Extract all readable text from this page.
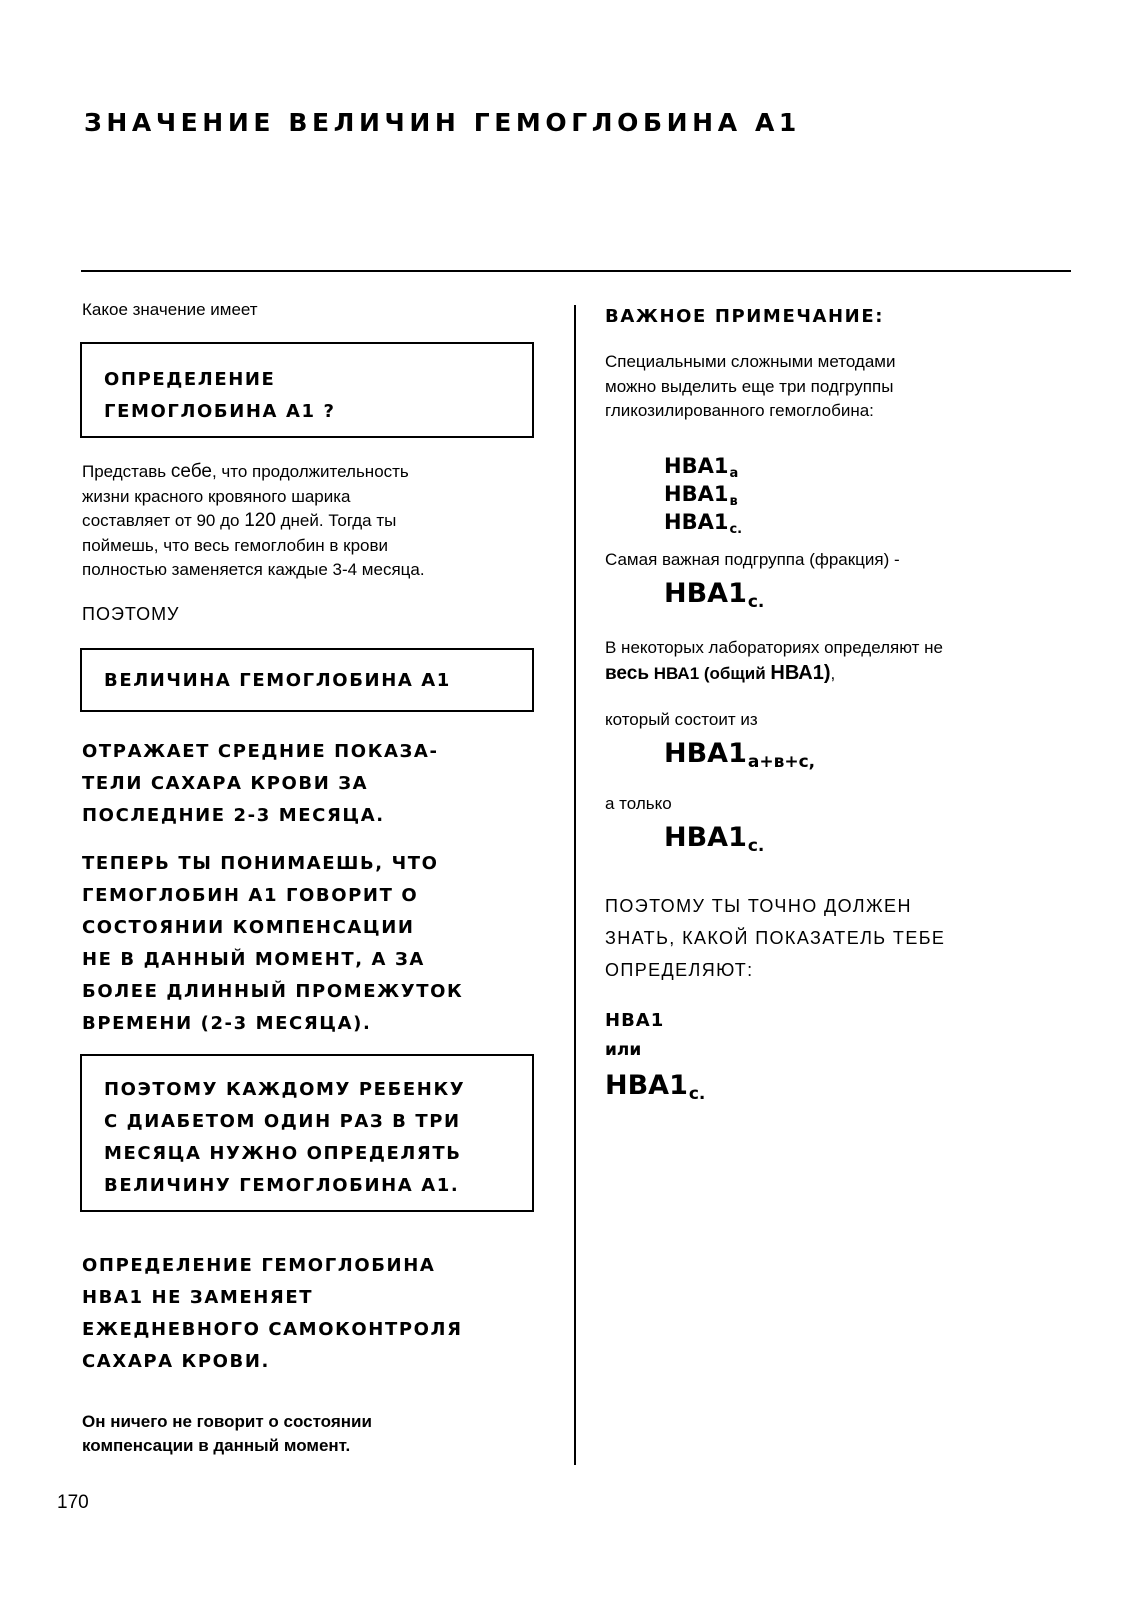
ЗНАЧЕНИЕ ВЕЛИЧИН ГЕМОГЛОБИНА А1
Какое значение имеет
ОПРЕДЕЛЕНИЕ
ГЕМОГЛОБИНА А1 ?
Представь себе, что продолжительность
жизни красного кровяного шарика
составляет от 90 до 120 дней. Тогда ты
поймешь, что весь гемоглобин в крови
полностью заменяется каждые 3-4 месяца.
ПОЭТОМУ
ВЕЛИЧИНА ГЕМОГЛОБИНА А1
ОТРАЖАЕТ СРЕДНИЕ ПОКАЗА-
ТЕЛИ САХАРА КРОВИ ЗА
ПОСЛЕДНИЕ 2-3 МЕСЯЦА.
ТЕПЕРЬ ТЫ ПОНИМАЕШЬ, ЧТО
ГЕМОГЛОБИН А1 ГОВОРИТ О
СОСТОЯНИИ КОМПЕНСАЦИИ
НЕ В ДАННЫЙ МОМЕНТ, А ЗА
БОЛЕЕ ДЛИННЫЙ ПРОМЕЖУТОК
ВРЕМЕНИ (2-3 МЕСЯЦА).
ПОЭТОМУ КАЖДОМУ РЕБЕНКУ
С ДИАБЕТОМ ОДИН РАЗ В ТРИ
МЕСЯЦА НУЖНО ОПРЕДЕЛЯТЬ
ВЕЛИЧИНУ ГЕМОГЛОБИНА А1.
ОПРЕДЕЛЕНИЕ ГЕМОГЛОБИНА
НВА1 НЕ ЗАМЕНЯЕТ
ЕЖЕДНЕВНОГО САМОКОНТРОЛЯ
САХАРА КРОВИ.
Он ничего не говорит о состоянии
компенсации в данный момент.
170
ВАЖНОЕ ПРИМЕЧАНИЕ:
Специальными сложными методами
можно выделить еще три подгруппы
гликозилированного гемоглобина:
$НВА1_а$
$НВА1_в$
$НВА1_{с.}$
Самая важная подгруппа (фракция) -
$НВА1_{с.}$
В некоторых лабораториях определяют не
весь НВА1 (общий НВА1),
который состоит из
$НВА1_{а+в+с,}$
а только
$НВА1_{с.}$
ПОЭТОМУ ТЫ ТОЧНО ДОЛЖЕН
ЗНАТЬ, КАКОЙ ПОКАЗАТЕЛЬ ТЕБЕ
ОПРЕДЕЛЯЮТ:
НВА1
или
$НВА1_{с.}$
